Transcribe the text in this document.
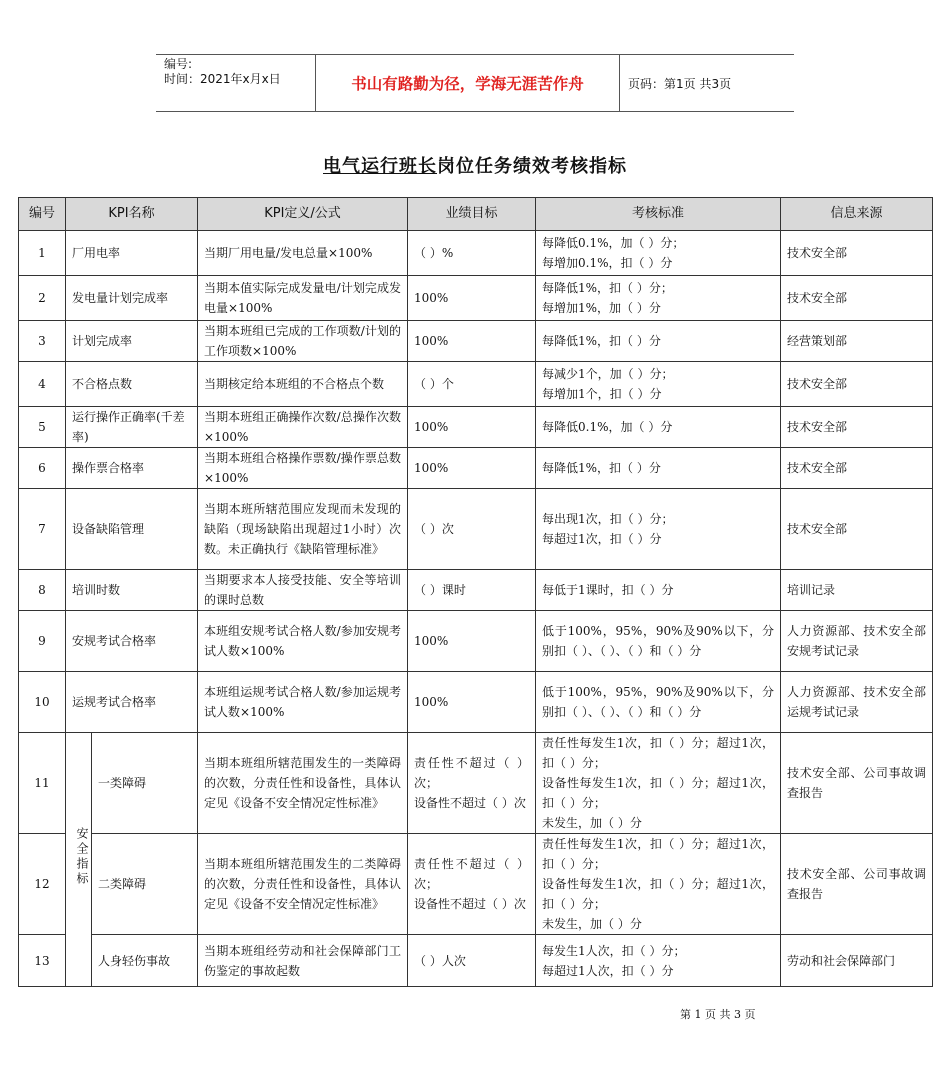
编号:
时间：2021年x月x日	书山有路勤为径，学海无涯苦作舟	页码：第1页 共3页
电气运行班长岗位任务绩效考核指标
编号	KPI名称		KPI定义/公式	业绩目标	考核标准	信息来源
1	厂用电率		当期厂用电量/发电总量×100%	（ ）%	每降低0.1%，加（ ）分；
每增加0.1%，扣（ ）分	技术安全部
2	发电量计划完成率		当期本值实际完成发量电/计划完成发电量×100%	100%	每降低1%，扣（ ）分；
每增加1%，加（ ）分	技术安全部
3	计划完成率		当期本班组已完成的工作项数/计划的工作项数×100%	100%	每降低1%，扣（ ）分	经营策划部
4	不合格点数		当期核定给本班组的不合格点个数	（ ）个	每减少1个，加（ ）分；
每增加1个，扣（ ）分	技术安全部
5	运行操作正确率(千差率)		当期本班组正确操作次数/总操作次数×100%	100%	每降低0.1%，加（ ）分	技术安全部
6	操作票合格率		当期本班组合格操作票数/操作票总数×100%	100%	每降低1%，扣（ ）分	技术安全部
7	设备缺陷管理		当期本班所辖范围应发现而未发现的缺陷（现场缺陷出现超过1小时）次数。未正确执行《缺陷管理标准》	（ ）次	每出现1次，扣（ ）分；
每超过1次，扣（ ）分	技术安全部
8	培训时数		当期要求本人接受技能、安全等培训的课时总数	（ ）课时	每低于1课时，扣（ ）分	培训记录
9	安规考试合格率		本班组安规考试合格人数/参加安规考试人数×100%	100%	低于100%，95%，90%及90%以下，分别扣（ ）、（ ）、（ ）和（ ）分	人力资源部、技术安全部安规考试记录
10	运规考试合格率		本班组运规考试合格人数/参加运规考试人数×100%	100%	低于100%，95%，90%及90%以下，分别扣（ ）、（ ）、（ ）和（ ）分	人力资源部、技术安全部运规考试记录
11	安全指标	一类障碍	当期本班组所辖范围发生的一类障碍的次数，分责任性和设备性，具体认定见《设备不安全情况定性标准》	责任性不超过（ ）次；
设备性不超过（ ）次	责任性每发生1次，扣（ ）分；超过1次，扣（ ）分；
设备性每发生1次，扣（ ）分；超过1次，扣（ ）分；
未发生，加（ ）分	技术安全部、公司事故调查报告
12		二类障碍	当期本班组所辖范围发生的二类障碍的次数，分责任性和设备性，具体认定见《设备不安全情况定性标准》	责任性不超过（ ）次；
设备性不超过（ ）次	责任性每发生1次，扣（ ）分；超过1次，扣（ ）分；
设备性每发生1次，扣（ ）分；超过1次，扣（ ）分；
未发生，加（ ）分	技术安全部、公司事故调查报告
13		人身轻伤事故	当期本班组经劳动和社会保障部门工伤鉴定的事故起数	（ ）人次	每发生1人次，扣（ ）分；
每超过1人次，扣（ ）分	劳动和社会保障部门
第 1 页 共 3 页
